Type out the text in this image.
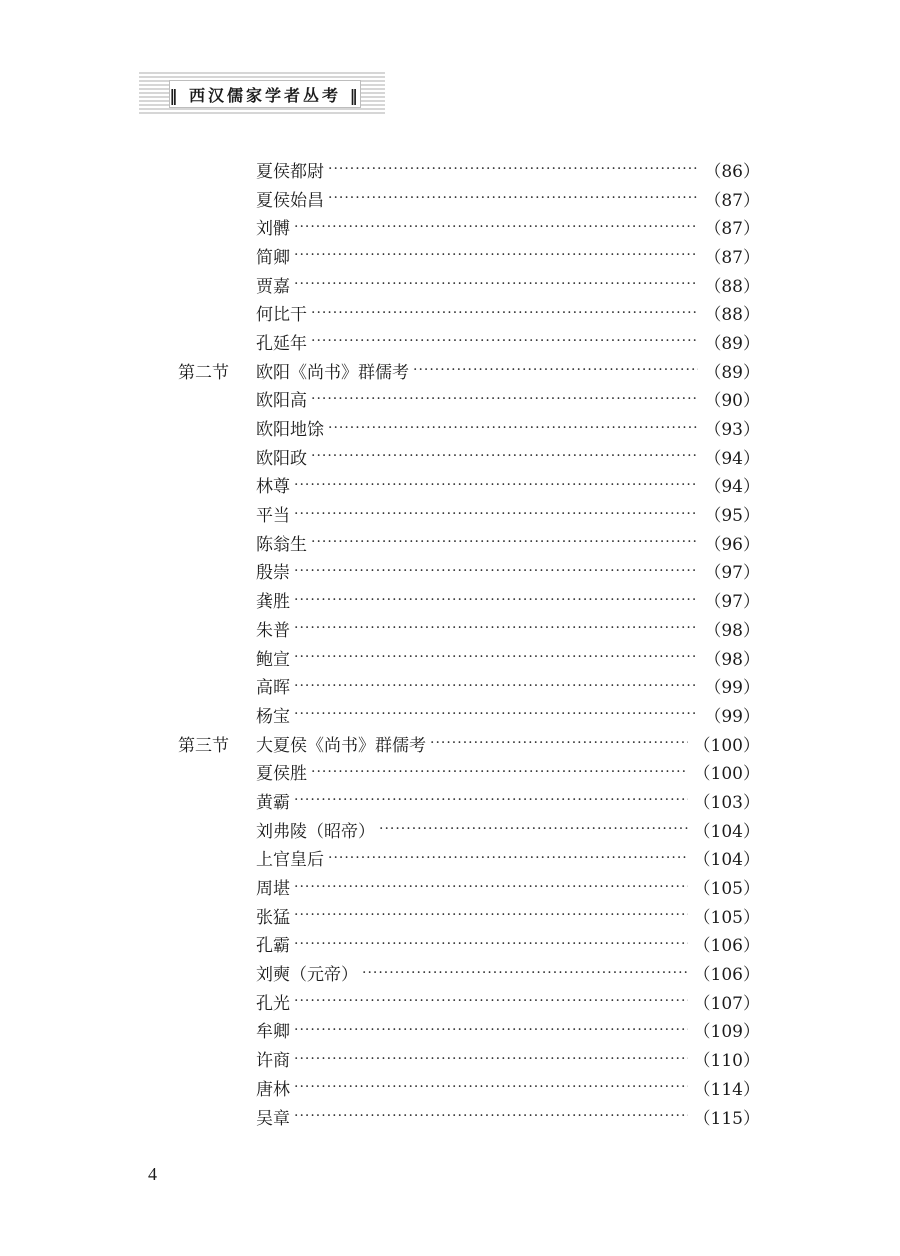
‖ 西汉儒家学者丛考 ‖
夏侯都尉 ·····	（86）
夏侯始昌 ·····	（87）
刘髆 ·····	（87）
简卿 ·····	（87）
贾嘉 ·····	（88）
何比干 ·····	（88）
孔延年 ·····	（89）
第二节	欧阳《尚书》群儒考 ·····	（89）
欧阳高 ·····	（90）
欧阳地馀 ·····	（93）
欧阳政 ·····	（94）
林尊 ·····	（94）
平当 ·····	（95）
陈翁生 ·····	（96）
殷崇 ·····	（97）
龚胜 ·····	（97）
朱普 ·····	（98）
鲍宣 ·····	（98）
高晖 ·····	（99）
杨宝 ·····	（99）
第三节	大夏侯《尚书》群儒考 ·····	（100）
夏侯胜 ·····	（100）
黄霸 ·····	（103）
刘弗陵（昭帝） ·····	（104）
上官皇后 ·····	（104）
周堪 ·····	（105）
张猛 ·····	（105）
孔霸 ·····	（106）
刘奭（元帝） ·····	（106）
孔光 ·····	（107）
牟卿 ·····	（109）
许商 ·····	（110）
唐林 ·····	（114）
吴章 ·····	（115）
4
